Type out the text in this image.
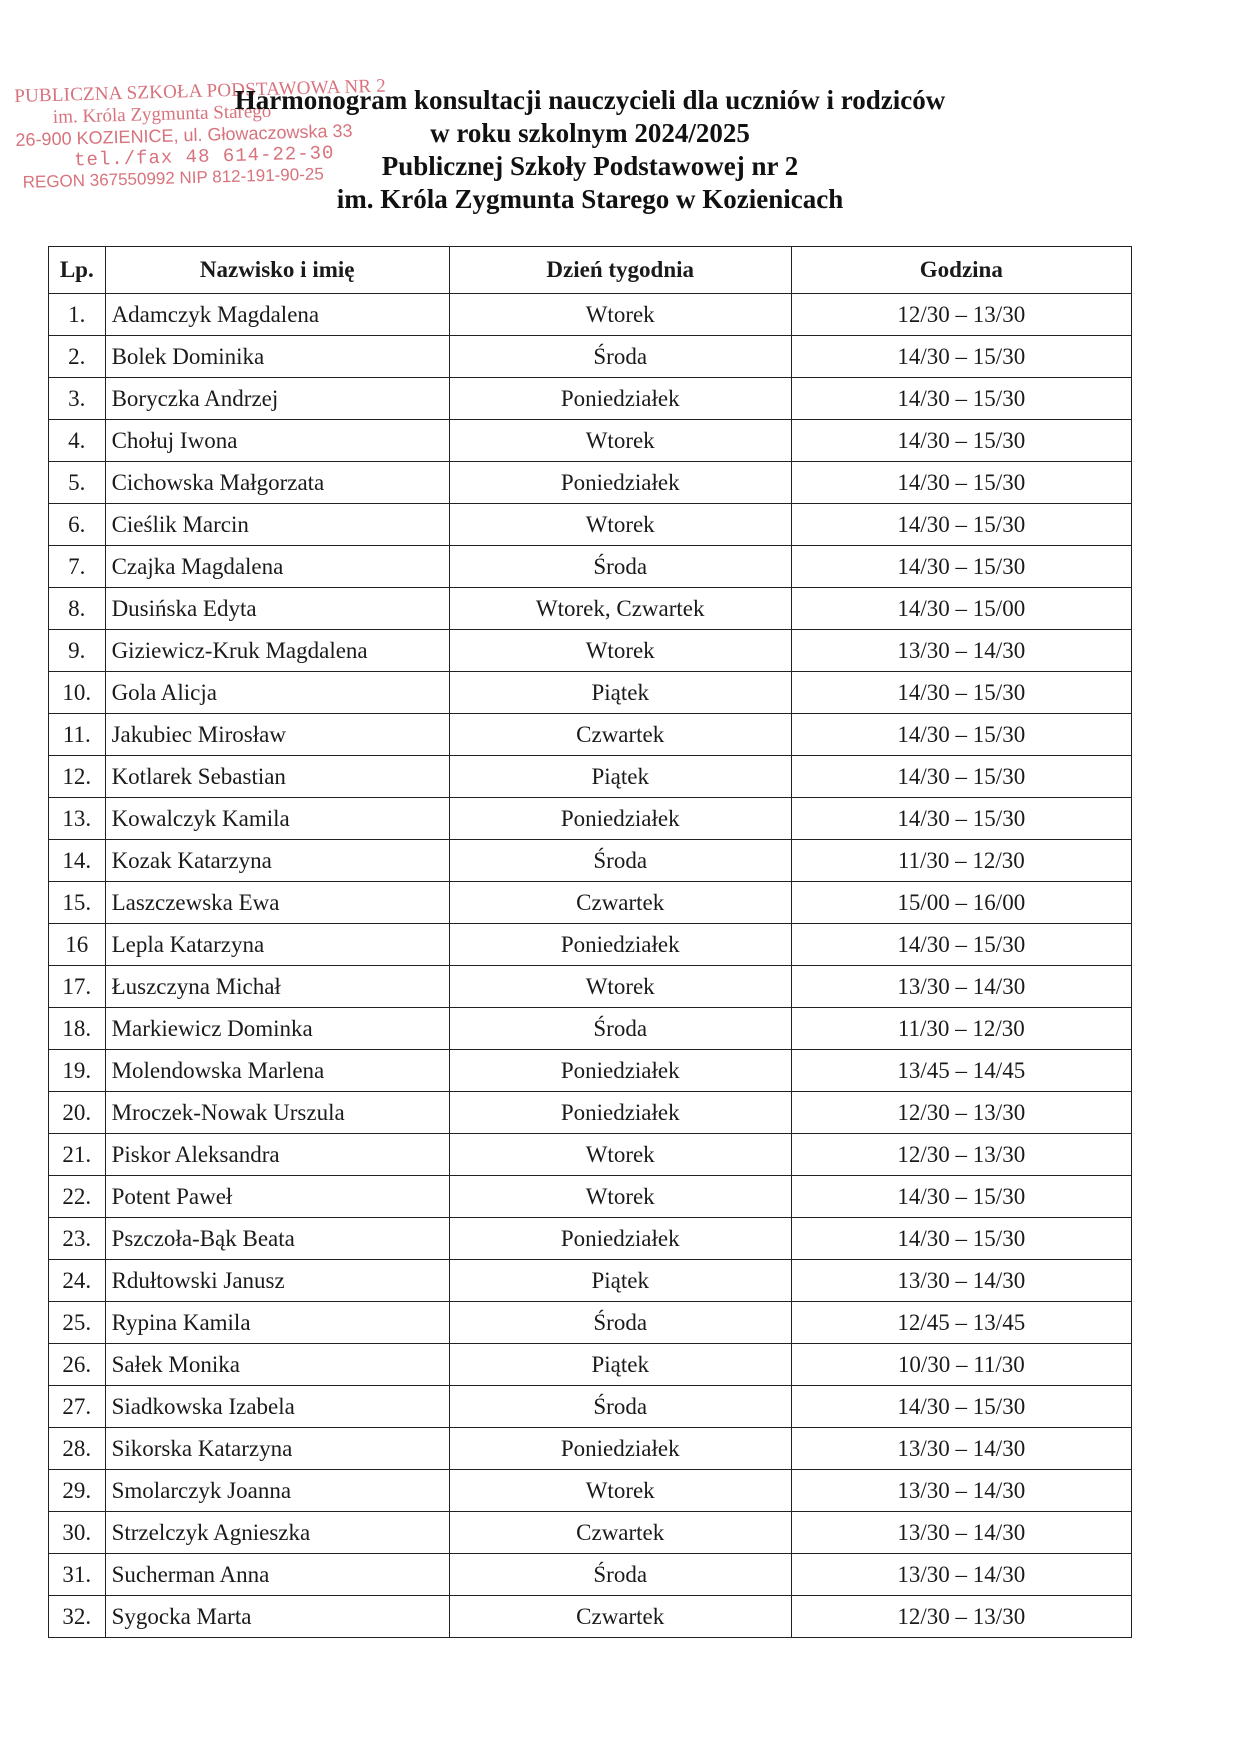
PUBLICZNA SZKOŁA PODSTAWOWA NR 2
im. Króla Zygmunta Starego
26-900 KOZIENICE, ul. Głowaczowska 33
tel./fax 48 614-22-30
REGON 367550992 NIP 812-191-90-25
Harmonogram konsultacji nauczycieli dla uczniów i rodziców
w roku szkolnym 2024/2025
Publicznej Szkoły Podstawowej nr 2
im. Króla Zygmunta Starego w Kozienicach
Lp.	Nazwisko i imię	Dzień tygodnia	Godzina
1.	Adamczyk Magdalena	Wtorek	12/30 – 13/30
2.	Bolek Dominika	Środa	14/30 – 15/30
3.	Boryczka Andrzej	Poniedziałek	14/30 – 15/30
4.	Chołuj Iwona	Wtorek	14/30 – 15/30
5.	Cichowska Małgorzata	Poniedziałek	14/30 – 15/30
6.	Cieślik Marcin	Wtorek	14/30 – 15/30
7.	Czajka Magdalena	Środa	14/30 – 15/30
8.	Dusińska Edyta	Wtorek, Czwartek	14/30 – 15/00
9.	Giziewicz-Kruk Magdalena	Wtorek	13/30 – 14/30
10.	Gola Alicja	Piątek	14/30 – 15/30
11.	Jakubiec Mirosław	Czwartek	14/30 – 15/30
12.	Kotlarek Sebastian	Piątek	14/30 – 15/30
13.	Kowalczyk Kamila	Poniedziałek	14/30 – 15/30
14.	Kozak Katarzyna	Środa	11/30 – 12/30
15.	Laszczewska Ewa	Czwartek	15/00 – 16/00
16	Lepla Katarzyna	Poniedziałek	14/30 – 15/30
17.	Łuszczyna Michał	Wtorek	13/30 – 14/30
18.	Markiewicz Dominka	Środa	11/30 – 12/30
19.	Molendowska Marlena	Poniedziałek	13/45 – 14/45
20.	Mroczek-Nowak Urszula	Poniedziałek	12/30 – 13/30
21.	Piskor Aleksandra	Wtorek	12/30 – 13/30
22.	Potent Paweł	Wtorek	14/30 – 15/30
23.	Pszczoła-Bąk Beata	Poniedziałek	14/30 – 15/30
24.	Rdułtowski Janusz	Piątek	13/30 – 14/30
25.	Rypina Kamila	Środa	12/45 – 13/45
26.	Sałek Monika	Piątek	10/30 – 11/30
27.	Siadkowska Izabela	Środa	14/30 – 15/30
28.	Sikorska Katarzyna	Poniedziałek	13/30 – 14/30
29.	Smolarczyk Joanna	Wtorek	13/30 – 14/30
30.	Strzelczyk Agnieszka	Czwartek	13/30 – 14/30
31.	Sucherman Anna	Środa	13/30 – 14/30
32.	Sygocka Marta	Czwartek	12/30 – 13/30
